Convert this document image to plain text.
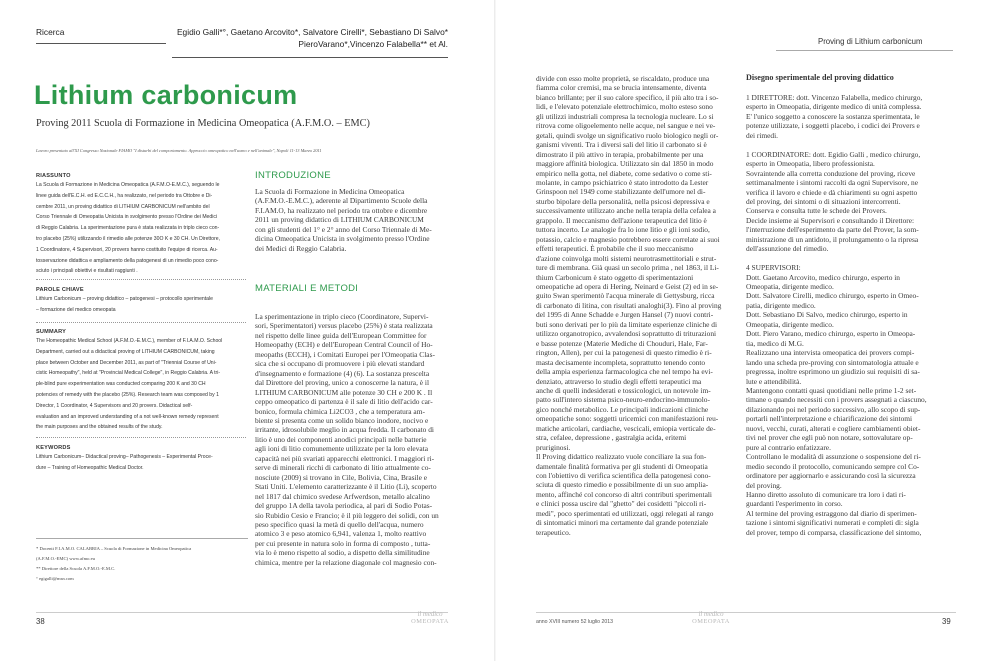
Ricerca	Egidio Galli*°, Gaetano Arcovito*, Salvatore Cirelli*, Sebastiano Di Salvo*
PieroVarano*,Vincenzo Falabella** et Al.
Lithium carbonicum
Proving 2011 Scuola di Formazione in Medicina Omeopatica (A.F.M.O. – EMC)
Lavoro presentato all'XI Congresso Nazionale FIAMO "I disturbi del comportamento. Approccio omeopatico nell'uomo e nell'animale", Napoli 11-13 Marzo 2011
RIASSUNTO
La Scuola di Formazione in Medicina Omeopatica (A.F.M.O-E.M.C.), seguendo le
linee guida dell'E.C.H. ed E.C.C.H., ha realizzato, nel periodo tra Ottobre e Di-
cembre 2011, un proving didattico di LITHIUM CARBONICUM nell'ambito del
Corso Triennale di Omeopatia Unicista in svolgimento presso l'Ordine dei Medici
di Reggio Calabria. La sperimentazione pura è stata realizzata in triplo cieco con-
tro placebo (25%) utilizzando il rimedio alle potenze 30O K e 30 CH. Un Direttore,
1 Coordinatore, 4 Supervisori, 20 provers hanno costituito l'equipe di ricerca. Au-
tosservazione didattica e ampliamento della patogenesi di un rimedio poco cono-
sciuto i principali obiettivi e risultati raggiunti .
PAROLE CHIAVE
Lithium Carbonicum – proving didattico – patogenesi – protocollo sperimentale
– formazione del medico omeopata
SUMMARY
The Homeopathic Medical School (A.F.M.O.-E.M.C.), member of F.I.A.M.O. School
Department, carried out a didactical proving of LITHIUM CARBONICUM, taking
place between October and December 2011, as part of "Triennial Course of Uni-
cistic Homeopathy", held at "Provincial Medical College", in Reggio Calabria. A tri-
ple-blind pure experimentation was conducted comparing 200 K and 30 CH
potencies of remedy with the placebo (25%). Research team was composed by 1
Director, 1 Coordinator, 4 Supervisors and 20 provers. Didactical self-
evaluation and an improved understanding of a not well-known remedy represent
the main purposes and the obtained results of the study.
KEYWORDS
Lithium Carbonicum– Didactical proving– Pathogenesis – Experimental Proce-
dure – Training of Homeopathic Medical Doctor.
* Docenti F.I.A.M.O. CALABRIA – Scuola di Formazione in Medicina Omeopatica
(A.F.M.O.-EMC) www.afmo.eu
** Direttore della Scuola A.F.M.O.-E.M.C.
° egigalli@msn.com
INTRODUZIONE

La Scuola di Formazione in Medicina Omeopatica

(A.F.M.O.-E.M.C.), aderente al Dipartimento Scuole della

F.I.AM.O, ha realizzato nel periodo tra ottobre e dicembre

2011 un proving didattico di LITHIUM CARBONICUM

con gli studenti del 1° e 2° anno del Corso Triennale di Me-

dicina Omeopatica Unicista in svolgimento presso l'Ordine

dei Medici di Reggio Calabria.

MATERIALI E METODI

La sperimentazione in triplo cieco (Coordinatore, Supervi-

sori, Sperimentatori) versus placebo (25%) è stata realizzata

nel rispetto delle linee guida dell'European Committee for

Homeopathy (ECH) e dell'European Central Council of Ho-

meopaths (ECCH), i Comitati Europei per l'Omeopatia Clas-

sica che si occupano di promuovere i più elevati standard

d'insegnamento e formazione (4) (6). La sostanza prescelta

dal Direttore del proving, unico a conoscerne la natura, è il

LITHIUM CARBONICUM alle potenze 30 CH e 200 K . Il

ceppo omeopatico di partenza è il sale di litio dell'acido car-

bonico, formula chimica Li2CO3 , che a temperatura am-

biente si presenta come un solido bianco inodore, nocivo e

irritante, idrosolubile meglio in acqua fredda. Il carbonato di

litio è uno dei componenti anodici principali nelle batterie

agli ioni di litio comunemente utilizzate per la loro elevata

capacità nei più svariati apparecchi elettronici. I maggiori ri-

serve di minerali ricchi di carbonato di litio attualmente co-

nosciute (2009) si trovano in Cile, Bolivia, Cina, Brasile e

Stati Uniti. L'elemento caratterizzante è il Litio (Li), scoperto

nel 1817 dal chimico svedese Arfwerdson, metallo alcalino

del gruppo 1A della tavola periodica, al pari di Sodio Potas-

sio Rubidio Cesio e Francio; è il più leggero dei solidi, con un

peso specifico quasi la metà di quello dell'acqua, numero

atomico 3 e peso atomico 6,941, valenza 1, molto reattivo

per cui presente in natura solo in forma di composto , tutta-

via lo è meno rispetto al sodio, a dispetto della similitudine

chimica, mentre per la relazione diagonale col magnesio con-

38
il medico
OMEOPATA
Proving di Lithium carbonicum

divide con esso molte proprietà, se riscaldato, produce una

fiamma color cremisi, ma se brucia intensamente, diventa

bianco brillante; per il suo calore specifico, il più alto tra i so-

lidi, e l'elevato potenziale elettrochimico, molto esteso sono

gli utilizzi industriali compresa la tecnologia nucleare. Lo si

ritrova come oligoelemento nelle acque, nel sangue e nei ve-

getali, quindi svolge un significativo ruolo biologico negli or-

ganismi viventi. Tra i diversi sali del litio il carbonato si è

dimostrato il più attivo in terapia, probabilmente per una

maggiore affinità biologica. Utilizzato sin dal 1850 in modo

empirico nella gotta, nel diabete, come sedativo o come sti-

molante, in campo psichiatrico è stato introdotto da Lester

Grinspoon nel 1949 come stabilizzante dell'umore nel di-

sturbo bipolare della personalità, nella psicosi depressiva e

successivamente utilizzato anche nella terapia della cefalea a

grappolo. Il meccanismo dell'azione terapeutica del litio è

tuttora incerto. Le analogie fra lo ione litio e gli ioni sodio,

potassio, calcio e magnesio potrebbero essere correlate ai suoi

effetti terapeutici. È probabile che il suo meccanismo

d'azione coinvolga molti sistemi neurotrasmettitoriali e strut-

ture di membrana. Già quasi un secolo prima , nel 1863, il Li-

thium Carbonicum è stato oggetto di sperimentazioni

omeopatiche ad opera di Hering, Neinard e Geist (2) ed in se-

guito Swan sperimentò l'acqua minerale di Gettysburg, ricca

di carbonato di litina, con risultati analoghi(3). Fino al proving

del 1995 di Anne Schadde e Jurgen Hansel (7) nuovi contri-

buti sono derivati per lo più da limitate esperienze cliniche di

utilizzo organotropico, avvalendosi soprattutto di triturazioni

e basse potenze (Materie Mediche di Chouduri, Hale, Far-

rington, Allen), per cui la patogenesi di questo rimedio è ri-

masta decisamente incompleta, soprattutto tenendo conto

della ampia esperienza farmacologica che nel tempo ha evi-

denziato, attraverso lo studio degli effetti terapeutici ma

anche di quelli indesiderati e tossicologici, un notevole im-

patto sull'intero sistema psico-neuro-endocrino-immunolo-

gico nonché metabolico. Le principali indicazioni cliniche

omeopatiche sono: soggetti uricemici con manifestazioni reu-

matiche articolari, cardiache, vescicali, emiopia verticale de-

stra, cefalee, depressione , gastralgia acida, eritemi

pruriginosi.

Il Proving didattico realizzato vuole conciliare la sua fon-

damentale finalità formativa per gli studenti di Omeopatia

con l'obiettivo di verifica scientifica della patogenesi cono-

sciuta di questo rimedio e possibilmente di un suo amplia-

mento, affinché col concorso di altri contributi sperimentali

e clinici possa uscire dal "ghetto" dei cosidetti "piccoli ri-

medi", poco sperimentati ed utilizzati, oggi relegati al rango

di sintomatici minori ma certamente dal grande potenziale

terapeutico.

Disegno sperimentale del proving didattico

1 DIRETTORE: dott. Vincenzo Falabella, medico chirurgo,

esperto in Omeopatia, dirigente medico di unità complessa.

E' l'unico soggetto a conoscere la sostanza sperimentata, le

potenze utilizzate, i soggetti placebo, i codici dei Provers e

dei rimedi.

1 COORDINATORE: dott. Egidio Galli , medico chirurgo,

esperto in Omeopatia, libero professionista.

Sovraintende alla corretta conduzione del proving, riceve

settimanalmente i sintomi raccolti da ogni Supervisore, ne

verifica il lavoro e chiede e dà chiarimenti su ogni aspetto

del proving, dei sintomi o di situazioni intercorrenti.

Conserva e consulta tutte le schede dei Provers.

Decide insieme ai Supervisori e consultando il Direttore:

l'interruzione dell'esperimento da parte del Prover, la som-

ministrazione di un antidoto, il prolungamento o la ripresa

dell'assunzione del rimedio.

4 SUPERVISORI:

Dott. Gaetano Arcovito, medico chirurgo, esperto in

Omeopatia, dirigente medico.

Dott. Salvatore Cirelli, medico chirurgo, esperto in Omeo-

patia, dirigente medico.

Dott. Sebastiano Di Salvo, medico chirurgo, esperto in

Omeopatia, dirigente medico.

Dott. Piero Varano, medico chirurgo, esperto in Omeopa-

tia, medico di M.G.

Realizzano una intervista omeopatica dei provers compi-

lando una scheda pre-proving con sintomatologia attuale e

pregressa, inoltre esprimono un giudizio sui requisiti di sa-

lute e attendibilità.

Mantengono contatti quasi quotidiani nelle prime 1-2 set-

timane o quando necessiti con i provers assegnati a ciascuno,

dilazionando poi nel periodo successivo, allo scopo di sup-

portarli nell'interpretazione e chiarificazione dei sintomi

nuovi, vecchi, curati, alterati e cogliere cambiamenti obiet-

tivi nel prover che egli può non notare, sottovalutare op-

pure al contrario enfatizzare.

Controllano le modalità di assunzione o sospensione del ri-

medio secondo il protocollo, comunicando sempre col Co-

ordinatore per aggiornarlo e assicurando così la sicurezza

del proving.

Hanno diretto assoluto di comunicare tra loro i dati ri-

guardanti l'esperimento in corso.

Al termine del proving estraggono dal diario di sperimen-

tazione i sintomi significativi numerati e completi di: sigla

del prover, tempo di comparsa, classificazione del sintomo,

anno XVIII numero 52 luglio 2013
il medico
OMEOPATA	39
